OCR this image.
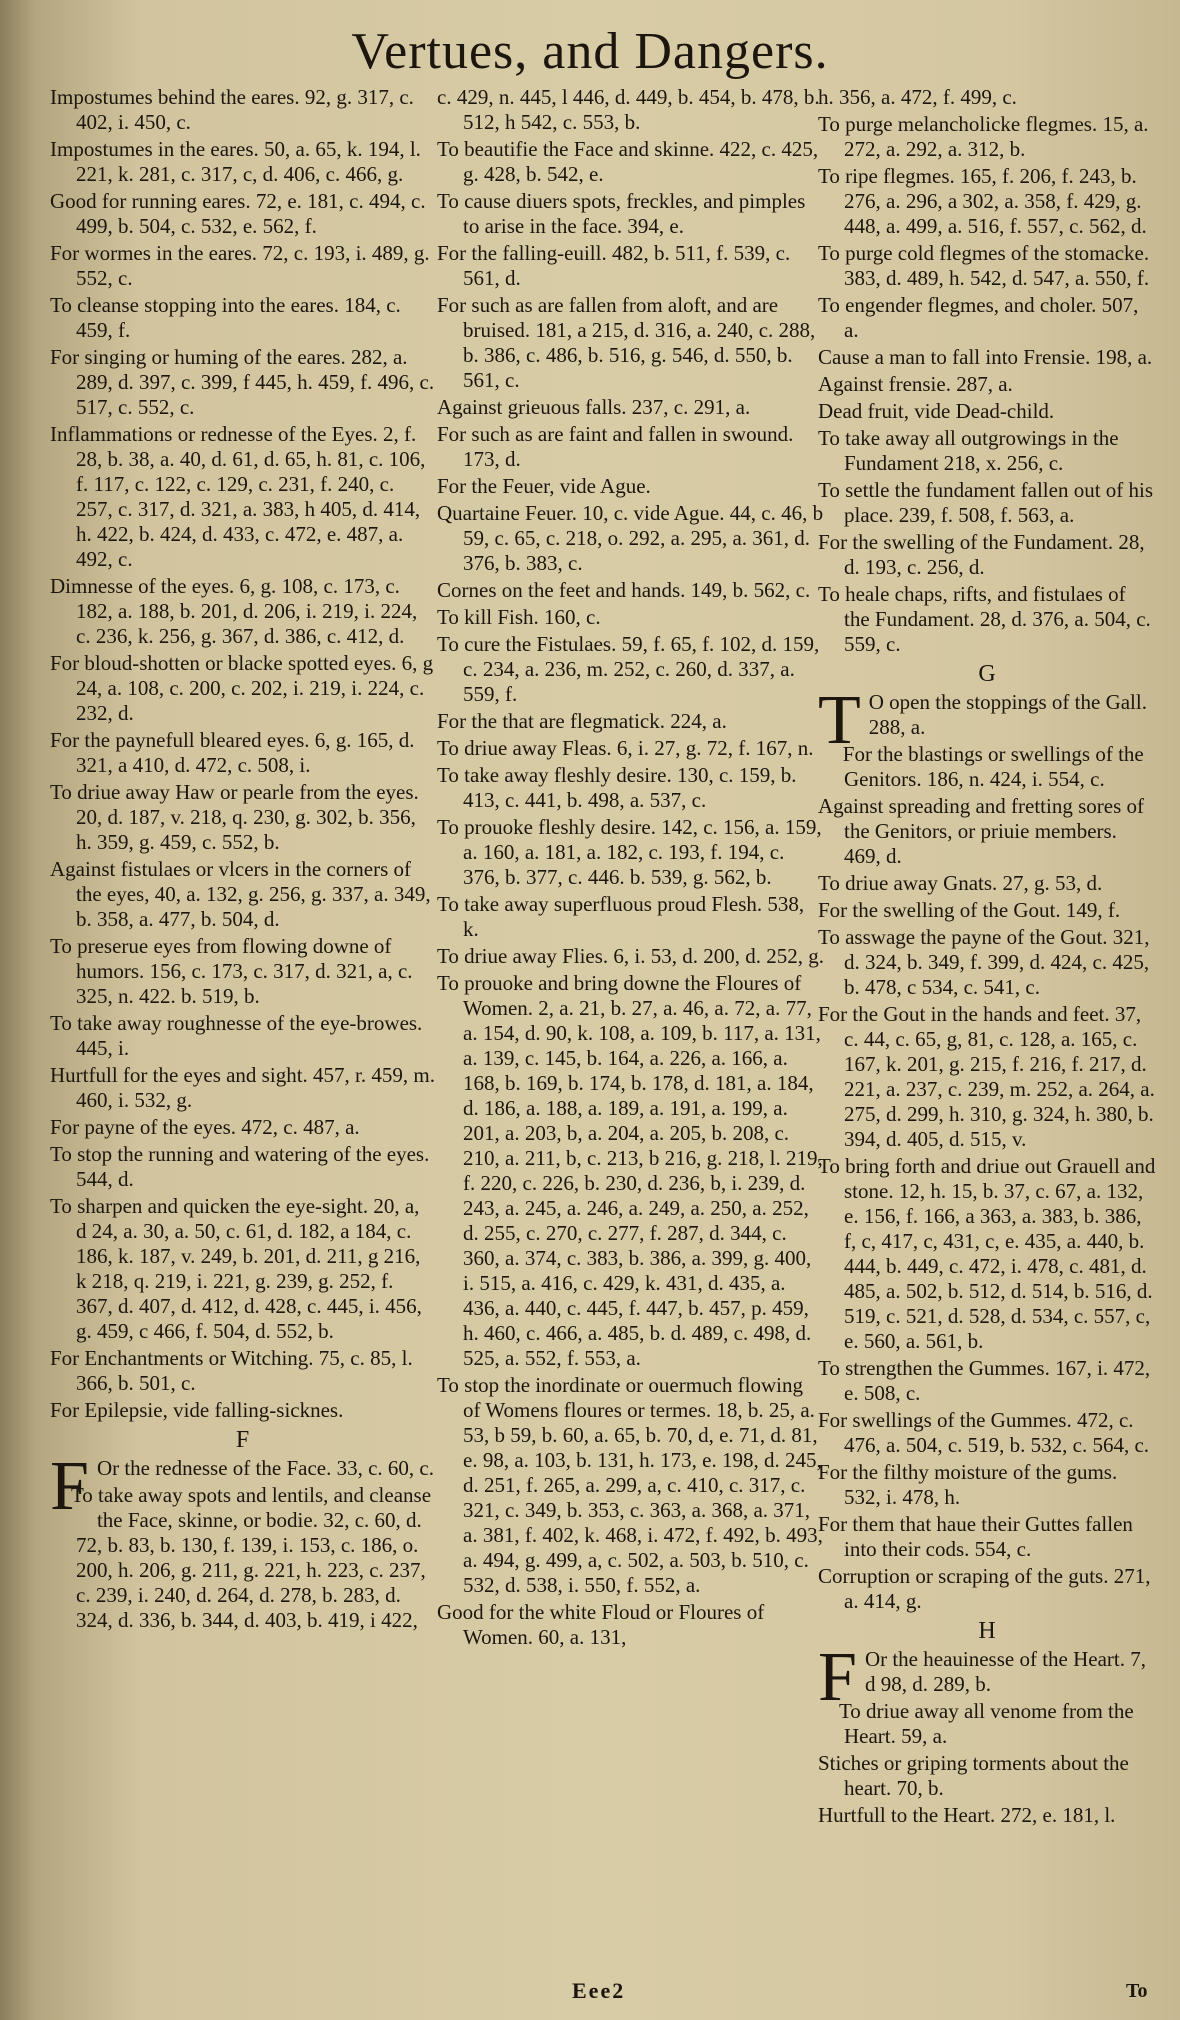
Vertues, and Dangers.
Impostumes behind the eares. 92, g. 317, c. 402, i. 450, c.
Impostumes in the eares. 50, a. 65, k. 194, l. 221, k. 281, c. 317, c, d. 406, c. 466, g.
Good for running eares. 72, e. 181, c. 494, c. 499, b. 504, c. 532, e. 562, f.
For wormes in the eares. 72, c. 193, i. 489, g. 552, c.
To cleanse stopping into the eares. 184, c. 459, f.
For singing or huming of the eares. 282, a. 289, d. 397, c. 399, f 445, h. 459, f. 496, c. 517, c. 552, c.
Inflammations or rednesse of the Eyes. 2, f. 28, b. 38, a. 40, d. 61, d. 65, h. 81, c. 106, f. 117, c. 122, c. 129, c. 231, f. 240, c. 257, c. 317, d. 321, a. 383, h 405, d. 414, h. 422, b. 424, d. 433, c. 472, e. 487, a. 492, c.
Dimnesse of the eyes. 6, g. 108, c. 173, c. 182, a. 188, b. 201, d. 206, i. 219, i. 224, c. 236, k. 256, g. 367, d. 386, c. 412, d.
For bloud-shotten or blacke spotted eyes. 6, g 24, a. 108, c. 200, c. 202, i. 219, i. 224, c. 232, d.
For the paynefull bleared eyes. 6, g. 165, d. 321, a 410, d. 472, c. 508, i.
To driue away Haw or pearle from the eyes. 20, d. 187, v. 218, q. 230, g. 302, b. 356, h. 359, g. 459, c. 552, b.
Against fistulaes or vlcers in the corners of the eyes, 40, a. 132, g. 256, g. 337, a. 349, b. 358, a. 477, b. 504, d.
To preserue eyes from flowing downe of humors. 156, c. 173, c. 317, d. 321, a, c. 325, n. 422. b. 519, b.
To take away roughnesse of the eye-browes. 445, i.
Hurtfull for the eyes and sight. 457, r. 459, m. 460, i. 532, g.
For payne of the eyes. 472, c. 487, a.
To stop the running and watering of the eyes. 544, d.
To sharpen and quicken the eye-sight. 20, a, d 24, a. 30, a. 50, c. 61, d. 182, a 184, c. 186, k. 187, v. 249, b. 201, d. 211, g 216, k 218, q. 219, i. 221, g. 239, g. 252, f. 367, d. 407, d. 412, d. 428, c. 445, i. 456, g. 459, c 466, f. 504, d. 552, b.
For Enchantments or Witching. 75, c. 85, l. 366, b. 501, c.
For Epilepsie, vide falling-sicknes.
F
F Or the rednesse of the Face. 33, c. 60, c.
To take away spots and lentils, and cleanse the Face, skinne, or bodie. 32, c. 60, d. 72, b. 83, b. 130, f. 139, i. 153, c. 186, o. 200, h. 206, g. 211, g. 221, h. 223, c. 237, c. 239, i. 240, d. 264, d. 278, b. 283, d. 324, d. 336, b. 344, d. 403, b. 419, i 422,
c. 429, n. 445, l 446, d. 449, b. 454, b. 478, b. 512, h 542, c. 553, b.
To beautifie the Face and skinne. 422, c. 425, g. 428, b. 542, e.
To cause diuers spots, freckles, and pimples to arise in the face. 394, e.
For the falling-euill. 482, b. 511, f. 539, c. 561, d.
For such as are fallen from aloft, and are bruised. 181, a 215, d. 316, a. 240, c. 288, b. 386, c. 486, b. 516, g. 546, d. 550, b. 561, c.
Against grieuous falls. 237, c. 291, a.
For such as are faint and fallen in swound. 173, d.
For the Feuer, vide Ague.
Quartaine Feuer. 10, c. vide Ague. 44, c. 46, b 59, c. 65, c. 218, o. 292, a. 295, a. 361, d. 376, b. 383, c.
Cornes on the feet and hands. 149, b. 562, c.
To kill Fish. 160, c.
To cure the Fistulaes. 59, f. 65, f. 102, d. 159, c. 234, a. 236, m. 252, c. 260, d. 337, a. 559, f.
For the that are flegmatick. 224, a.
To driue away Fleas. 6, i. 27, g. 72, f. 167, n.
To take away fleshly desire. 130, c. 159, b. 413, c. 441, b. 498, a. 537, c.
To prouoke fleshly desire. 142, c. 156, a. 159, a. 160, a. 181, a. 182, c. 193, f. 194, c. 376, b. 377, c. 446. b. 539, g. 562, b.
To take away superfluous proud Flesh. 538, k.
To driue away Flies. 6, i. 53, d. 200, d. 252, g.
To prouoke and bring downe the Floures of Women. 2, a. 21, b. 27, a. 46, a. 72, a. 77, a. 154, d. 90, k. 108, a. 109, b. 117, a. 131, a. 139, c. 145, b. 164, a. 226, a. 166, a. 168, b. 169, b. 174, b. 178, d. 181, a. 184, d. 186, a. 188, a. 189, a. 191, a. 199, a. 201, a. 203, b, a. 204, a. 205, b. 208, c. 210, a. 211, b, c. 213, b 216, g. 218, l. 219, f. 220, c. 226, b. 230, d. 236, b, i. 239, d. 243, a. 245, a. 246, a. 249, a. 250, a. 252, d. 255, c. 270, c. 277, f. 287, d. 344, c. 360, a. 374, c. 383, b. 386, a. 399, g. 400, i. 515, a. 416, c. 429, k. 431, d. 435, a. 436, a. 440, c. 445, f. 447, b. 457, p. 459, h. 460, c. 466, a. 485, b. d. 489, c. 498, d. 525, a. 552, f. 553, a.
To stop the inordinate or ouermuch flowing of Womens floures or termes. 18, b. 25, a. 53, b 59, b. 60, a. 65, b. 70, d, e. 71, d. 81, e. 98, a. 103, b. 131, h. 173, e. 198, d. 245, d. 251, f. 265, a. 299, a, c. 410, c. 317, c. 321, c. 349, b. 353, c. 363, a. 368, a. 371, a. 381, f. 402, k. 468, i. 472, f. 492, b. 493, a. 494, g. 499, a, c. 502, a. 503, b. 510, c. 532, d. 538, i. 550, f. 552, a.
Good for the white Floud or Floures of Women. 60, a. 131,
h. 356, a. 472, f. 499, c.
To purge melancholicke flegmes. 15, a. 272, a. 292, a. 312, b.
To ripe flegmes. 165, f. 206, f. 243, b. 276, a. 296, a 302, a. 358, f. 429, g. 448, a. 499, a. 516, f. 557, c. 562, d.
To purge cold flegmes of the stomacke. 383, d. 489, h. 542, d. 547, a. 550, f.
To engender flegmes, and choler. 507, a.
Cause a man to fall into Frensie. 198, a.
Against frensie. 287, a.
Dead fruit, vide Dead-child.
To take away all outgrowings in the Fundament 218, x. 256, c.
To settle the fundament fallen out of his place. 239, f. 508, f. 563, a.
For the swelling of the Fundament. 28, d. 193, c. 256, d.
To heale chaps, rifts, and fistulaes of the Fundament. 28, d. 376, a. 504, c. 559, c.
G
T O open the stoppings of the Gall. 288, a.
For the blastings or swellings of the Genitors. 186, n. 424, i. 554, c.
Against spreading and fretting sores of the Genitors, or priuie members. 469, d.
To driue away Gnats. 27, g. 53, d.
For the swelling of the Gout. 149, f.
To asswage the payne of the Gout. 321, d. 324, b. 349, f. 399, d. 424, c. 425, b. 478, c 534, c. 541, c.
For the Gout in the hands and feet. 37, c. 44, c. 65, g, 81, c. 128, a. 165, c. 167, k. 201, g. 215, f. 216, f. 217, d. 221, a. 237, c. 239, m. 252, a. 264, a. 275, d. 299, h. 310, g. 324, h. 380, b. 394, d. 405, d. 515, v.
To bring forth and driue out Grauell and stone. 12, h. 15, b. 37, c. 67, a. 132, e. 156, f. 166, a 363, a. 383, b. 386, f, c, 417, c, 431, c, e. 435, a. 440, b. 444, b. 449, c. 472, i. 478, c. 481, d. 485, a. 502, b. 512, d. 514, b. 516, d. 519, c. 521, d. 528, d. 534, c. 557, c, e. 560, a. 561, b.
To strengthen the Gummes. 167, i. 472, e. 508, c.
For swellings of the Gummes. 472, c. 476, a. 504, c. 519, b. 532, c. 564, c.
For the filthy moisture of the gums. 532, i. 478, h.
For them that haue their Guttes fallen into their cods. 554, c.
Corruption or scraping of the guts. 271, a. 414, g.
H
F Or the heauinesse of the Heart. 7, d 98, d. 289, b.
To driue away all venome from the Heart. 59, a.
Stiches or griping torments about the heart. 70, b.
Hurtfull to the Heart. 272, e. 181, l.
Eee2	To
